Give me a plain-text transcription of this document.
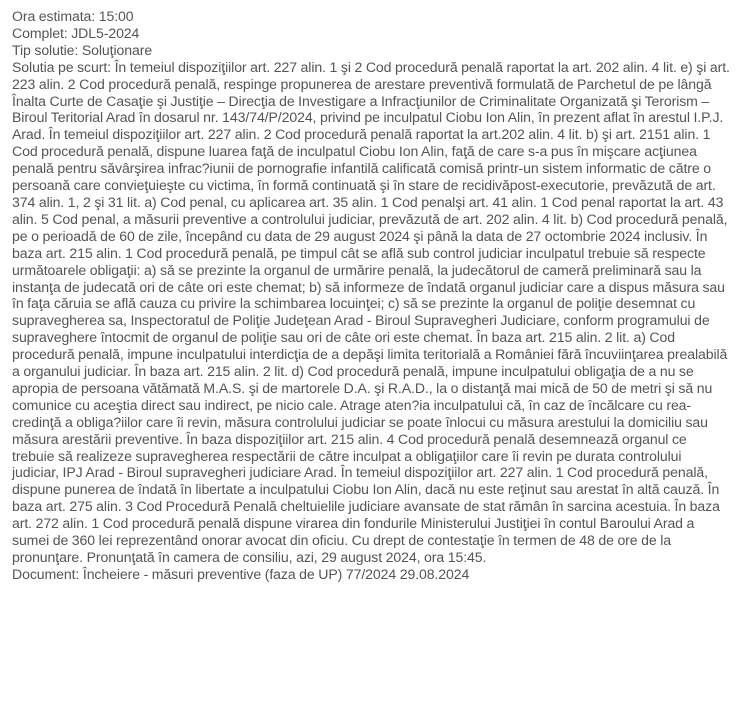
Ora estimata: 15:00
Complet: JDL5-2024
Tip solutie: Soluţionare
Solutia pe scurt: În temeiul dispoziţiilor art. 227 alin. 1 şi 2 Cod procedură penală raportat la art. 202 alin. 4 lit. e) şi art. 223 alin. 2 Cod procedură penală, respinge propunerea de arestare preventivă formulată de Parchetul de pe lângă Înalta Curte de Casaţie şi Justiţie – Direcţia de Investigare a Infracţiunilor de Criminalitate Organizată şi Terorism – Biroul Teritorial Arad în dosarul nr. 143/74/P/2024, privind pe inculpatul Ciobu Ion Alin, în prezent aflat în arestul I.P.J. Arad. În temeiul dispoziţiilor art. 227 alin. 2 Cod procedură penală raportat la art.202 alin. 4 lit. b) şi art. 2151 alin. 1 Cod procedură penală, dispune luarea faţă de inculpatul Ciobu Ion Alin, faţă de care s-a pus în mişcare acţiunea penală pentru săvârşirea infrac?iunii de pornografie infantilă calificată comisă printr-un sistem informatic de către o persoană care convieţuieşte cu victima, în formă continuată şi în stare de recidivăpost-executorie, prevăzută de art. 374 alin. 1, 2 şi 31 lit. a) Cod penal, cu aplicarea art. 35 alin. 1 Cod penalşi art. 41 alin. 1 Cod penal raportat la art. 43 alin. 5 Cod penal, a măsurii preventive a controlului judiciar, prevăzută de art. 202 alin. 4 lit. b) Cod procedură penală, pe o perioadă de 60 de zile, începând cu data de 29 august 2024 şi până la data de 27 octombrie 2024 inclusiv. În baza art. 215 alin. 1 Cod procedură penală, pe timpul cât se află sub control judiciar inculpatul trebuie să respecte următoarele obligaţii: a) să se prezinte la organul de urmărire penală, la judecătorul de cameră preliminară sau la instanţa de judecată ori de câte ori este chemat; b) să informeze de îndată organul judiciar care a dispus măsura sau în faţa căruia se află cauza cu privire la schimbarea locuinţei; c) să se prezinte la organul de poliţie desemnat cu supravegherea sa, Inspectoratul de Poliţie Judeţean Arad - Biroul Supravegheri Judiciare, conform programului de supraveghere întocmit de organul de poliţie sau ori de câte ori este chemat. În baza art. 215 alin. 2 lit. a) Cod procedură penală, impune inculpatului interdicţia de a depăşi limita teritorială a României fără încuviinţarea prealabilă a organului judiciar. În baza art. 215 alin. 2 lit. d) Cod procedură penală, impune inculpatului obligaţia de a nu se apropia de persoana vătămată M.A.S. şi de martorele D.A. şi R.A.D., la o distanţă mai mică de 50 de metri şi să nu comunice cu aceştia direct sau indirect, pe nicio cale. Atrage aten?ia inculpatului că, în caz de încălcare cu rea-credinţă a obliga?iilor care îi revin, măsura controlului judiciar se poate înlocui cu măsura arestului la domiciliu sau măsura arestării preventive. În baza dispoziţiilor art. 215 alin. 4 Cod procedură penală desemnează organul ce trebuie să realizeze supravegherea respectării de către inculpat a obligaţiilor care îi revin pe durata controlului judiciar, IPJ Arad - Biroul supravegheri judiciare Arad. În temeiul dispoziţiilor art. 227 alin. 1 Cod procedură penală, dispune punerea de îndată în libertate a inculpatului Ciobu Ion Alin, dacă nu este reţinut sau arestat în altă cauză. În baza art. 275 alin. 3 Cod Procedură Penală cheltuielile judiciare avansate de stat rămân în sarcina acestuia. În baza art. 272 alin. 1 Cod procedură penală dispune virarea din fondurile Ministerului Justiţiei în contul Baroului Arad a sumei de 360 lei reprezentând onorar avocat din oficiu. Cu drept de contestaţie în termen de 48 de ore de la pronunţare. Pronunţată în camera de consiliu, azi, 29 august 2024, ora 15:45.
Document: Încheiere - măsuri preventive (faza de UP) 77/2024 29.08.2024
